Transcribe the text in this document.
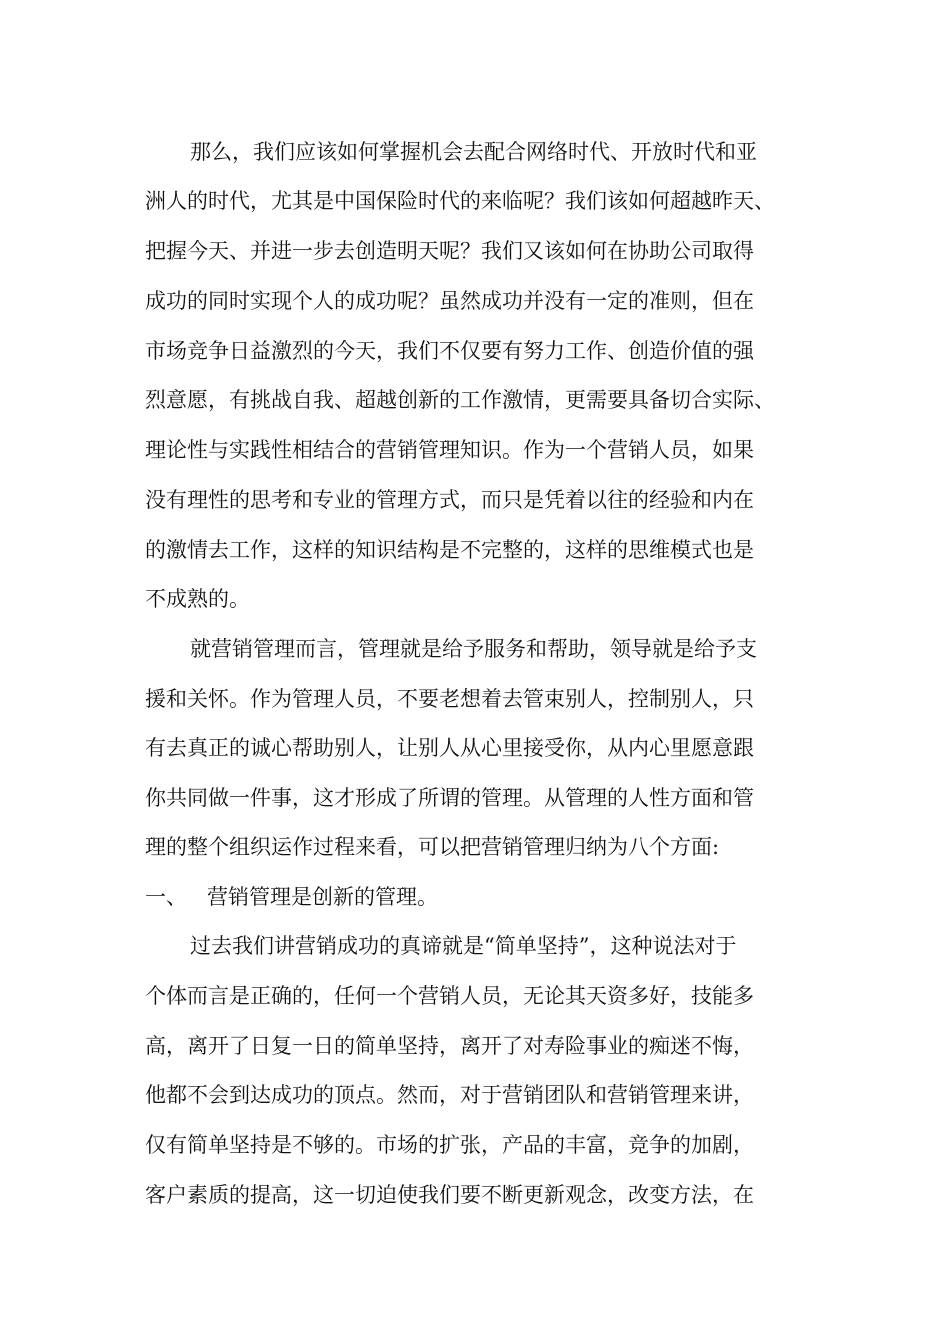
那么，我们应该如何掌握机会去配合网络时代、开放时代和亚
洲人的时代，尤其是中国保险时代的来临呢？我们该如何超越昨天、
把握今天、并进一步去创造明天呢？我们又该如何在协助公司取得
成功的同时实现个人的成功呢？虽然成功并没有一定的准则，但在
市场竞争日益激烈的今天，我们不仅要有努力工作、创造价值的强
烈意愿，有挑战自我、超越创新的工作激情，更需要具备切合实际、
理论性与实践性相结合的营销管理知识。作为一个营销人员，如果
没有理性的思考和专业的管理方式，而只是凭着以往的经验和内在
的激情去工作，这样的知识结构是不完整的，这样的思维模式也是
不成熟的。
就营销管理而言，管理就是给予服务和帮助，领导就是给予支
援和关怀。作为管理人员，不要老想着去管束别人，控制别人，只
有去真正的诚心帮助别人，让别人从心里接受你，从内心里愿意跟
你共同做一件事，这才形成了所谓的管理。从管理的人性方面和管
理的整个组织运作过程来看，可以把营销管理归纳为八个方面:
一、   营销管理是创新的管理。
过去我们讲营销成功的真谛就是“简单坚持”，这种说法对于
个体而言是正确的，任何一个营销人员，无论其天资多好，技能多
高，离开了日复一日的简单坚持，离开了对寿险事业的痴迷不悔，
他都不会到达成功的顶点。然而，对于营销团队和营销管理来讲，
仅有简单坚持是不够的。市场的扩张，产品的丰富，竞争的加剧，
客户素质的提高，这一切迫使我们要不断更新观念，改变方法，在
